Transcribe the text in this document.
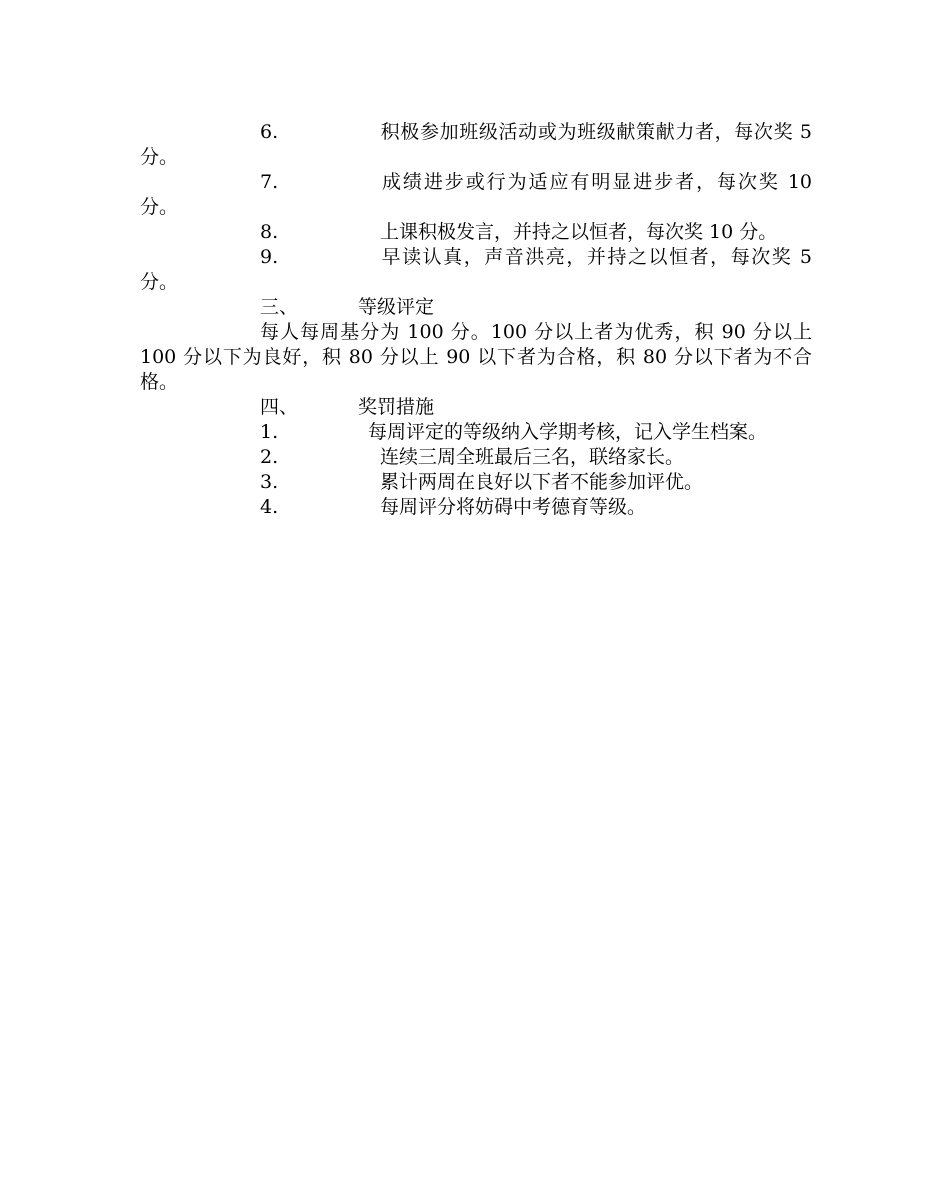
6.	积极参加班级活动或为班级献策献力者，每次奖 5 分。

7.	成绩进步或行为适应有明显进步者，每次奖 10 分。

8.	上课积极发言，并持之以恒者，每次奖 10 分。

9.	早读认真，声音洪亮，并持之以恒者，每次奖 5 分。

三、	等级评定

每人每周基分为 100 分。100 分以上者为优秀，积 90 分以上 100 分以下为良好，积 80 分以上 90 以下者为合格，积 80 分以下者为不合格。

四、	奖罚措施

1.	每周评定的等级纳入学期考核，记入学生档案。

2.	连续三周全班最后三名，联络家长。

3.	累计两周在良好以下者不能参加评优。

4.	每周评分将妨碍中考德育等级。
